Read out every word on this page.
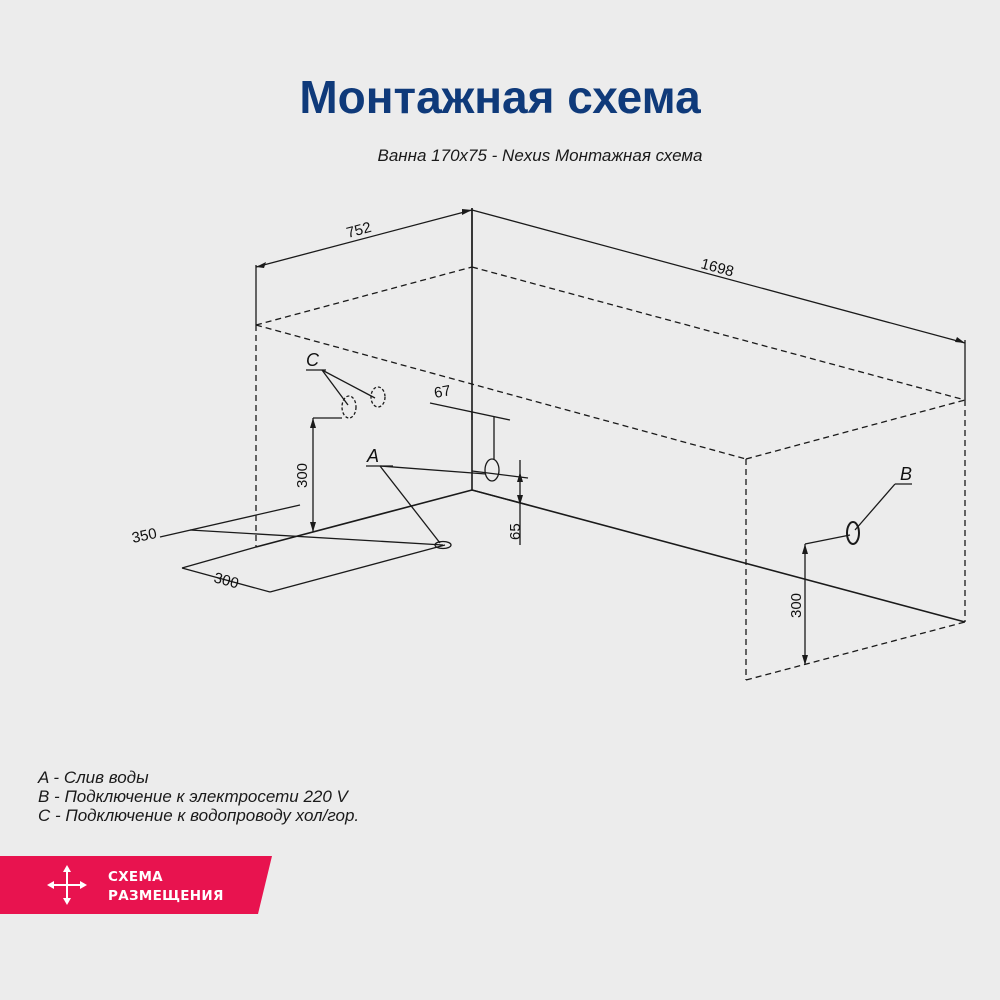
Монтажная схема
Ванна 170х75 - Nexus Монтажная схема
752
1698
67
65
300
300
350
300
C
A
B
A - Слив воды
B - Подключение к электросети 220 V
C - Подключение к водопроводу хол/гор.
СХЕМА
РАЗМЕЩЕНИЯ
